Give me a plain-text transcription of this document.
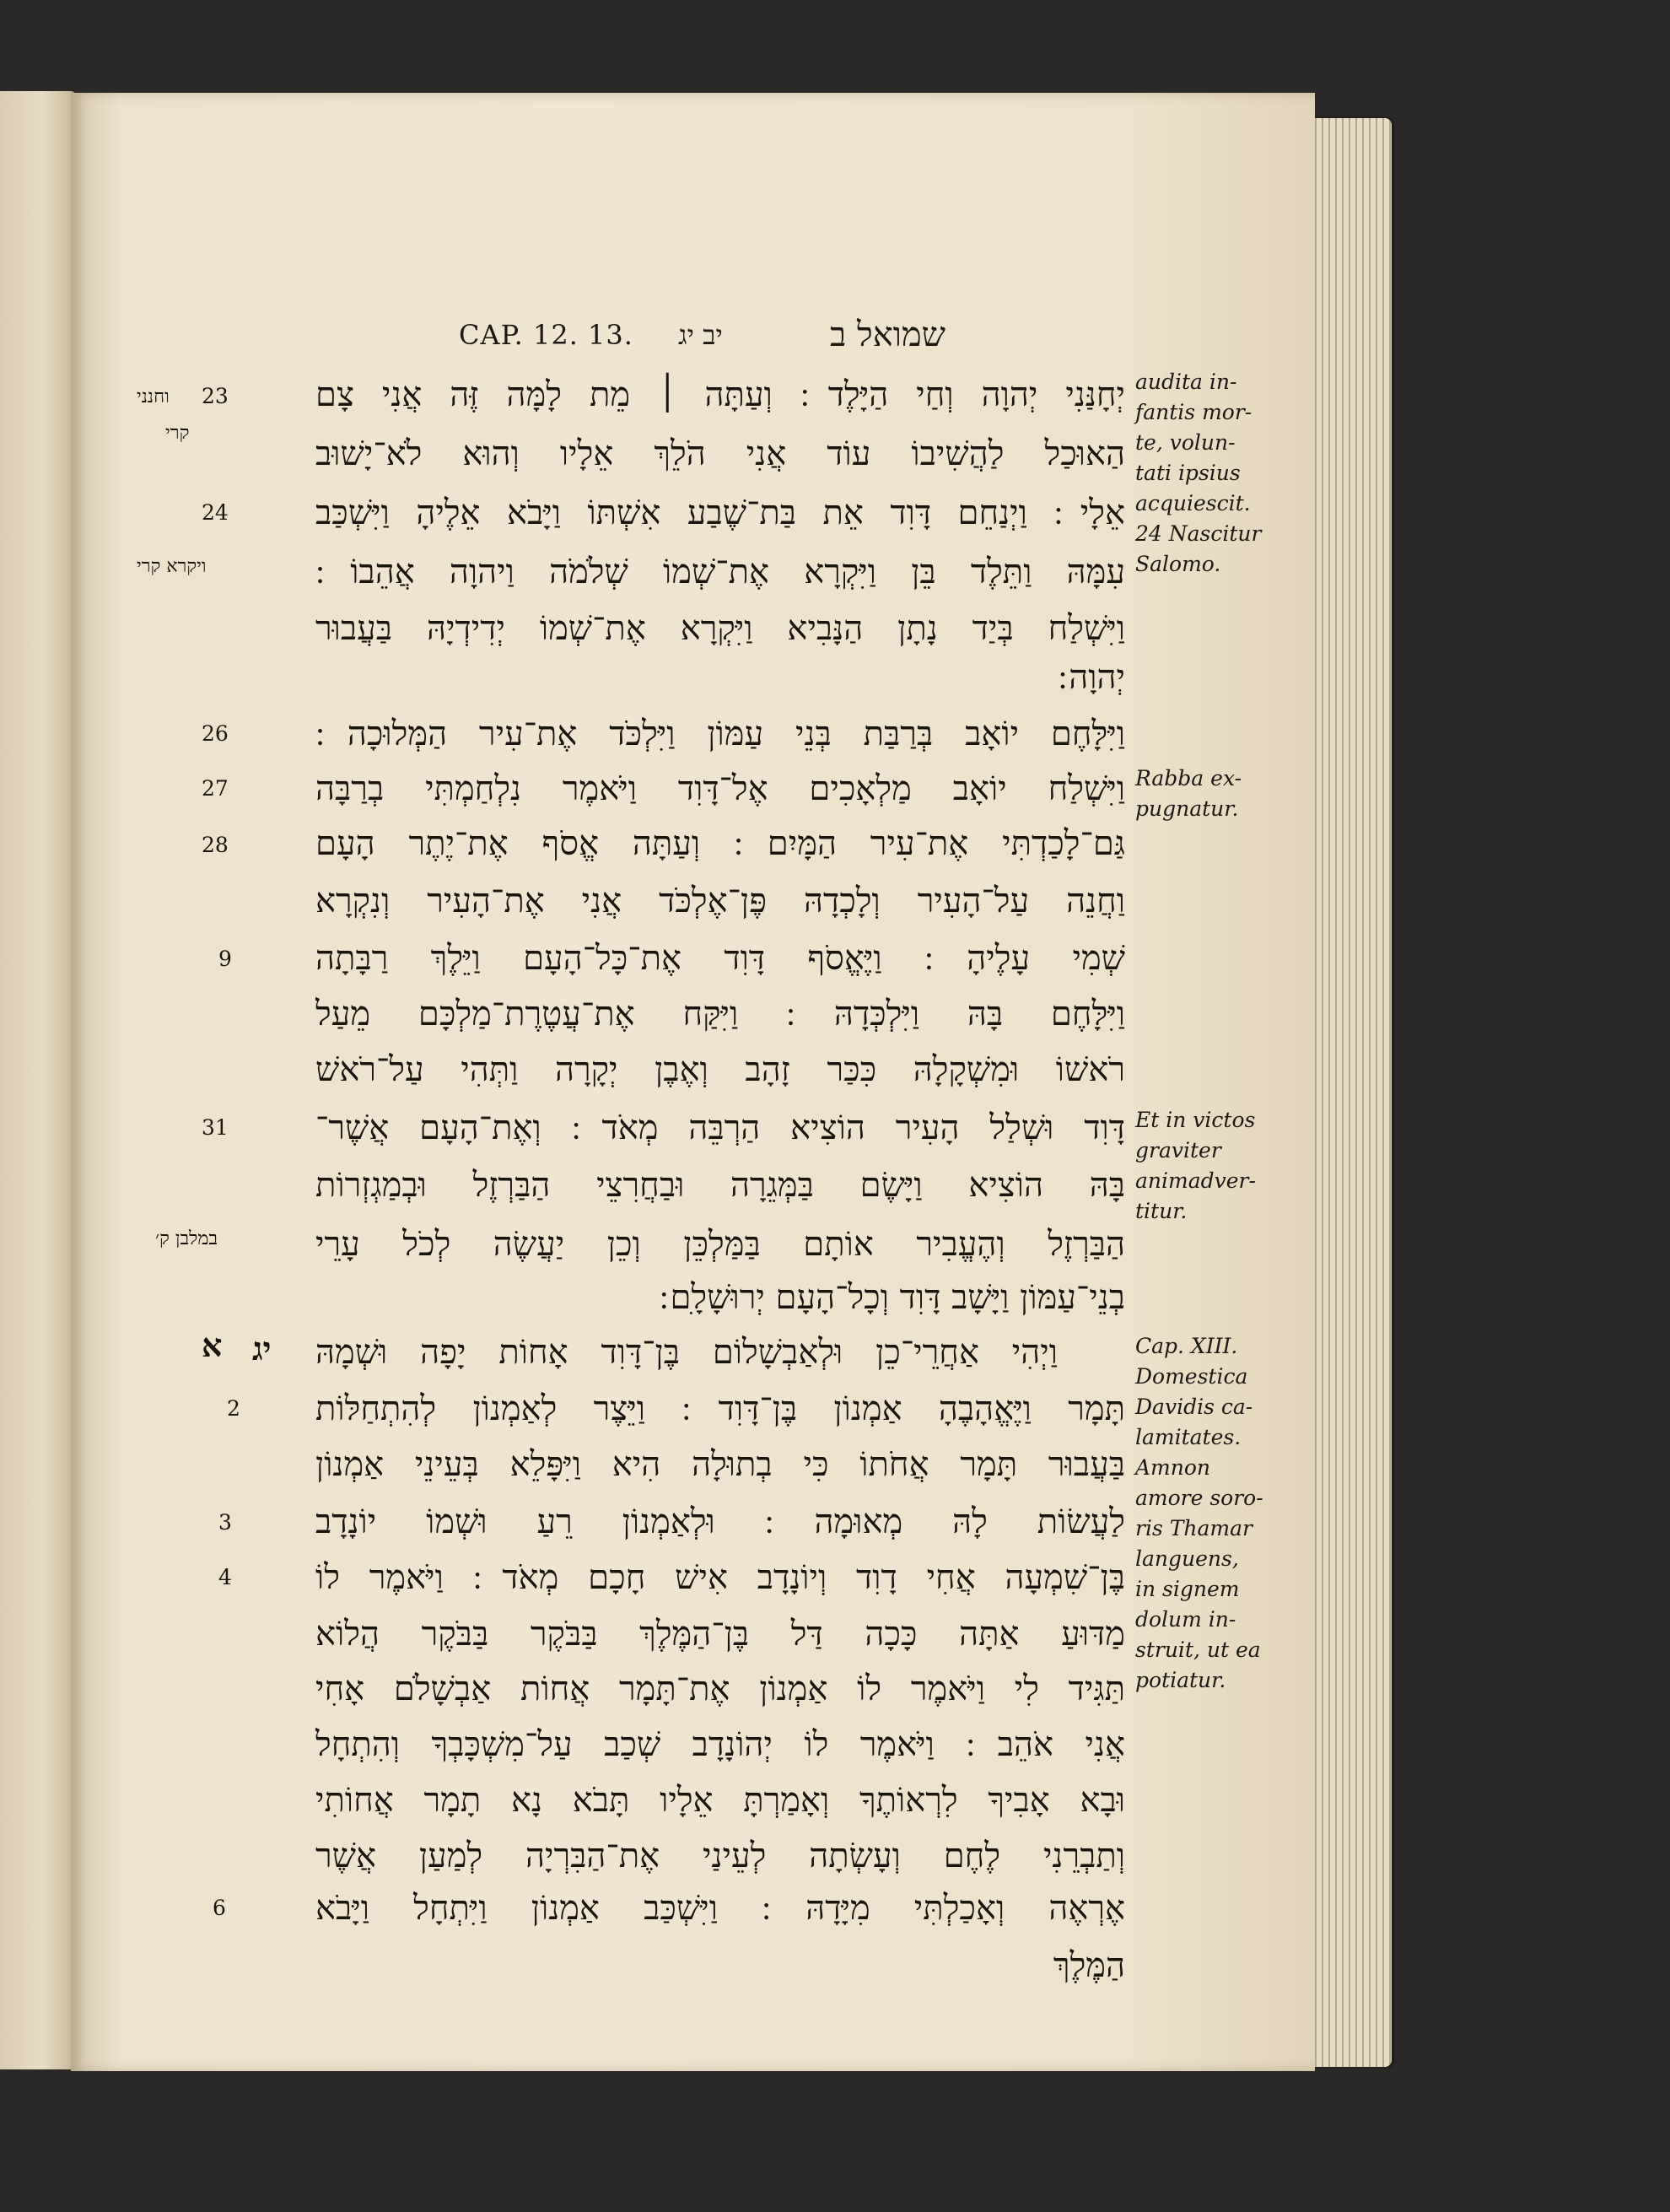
CAP. 12. 13. יב יג	שמואל ב
יְחָנַּנִי יְהוָה וְחַי הַיָּלֶד ׃ וְעַתָּה ׀ מֵת לָמָּה זֶּה אֲנִי צָם
הַאוּכַל לַהֲשִׁיבוֹ עוֹד אֲנִי הֹלֵךְ אֵלָיו וְהוּא לֹא־יָשׁוּב
אֵלָי ׃ וַיְנַחֵם דָּוִד אֵת בַּת־שֶׁבַע אִשְׁתּוֹ וַיָּבֹא אֵלֶיהָ וַיִּשְׁכַּב
עִמָּהּ וַתֵּלֶד בֵּן וַיִּקְרָא אֶת־שְׁמוֹ שְׁלֹמֹה וַיהוָה אֲהֵבוֹ ׃
וַיִּשְׁלַח בְּיַד נָתָן הַנָּבִיא וַיִּקְרָא אֶת־שְׁמוֹ יְדִידְיָהּ בַּעֲבוּר
יְהוָה ׃
וַיִּלָּחֶם יוֹאָב בְּרַבַּת בְּנֵי עַמּוֹן וַיִּלְכֹּד אֶת־עִיר הַמְּלוּכָה ׃
וַיִּשְׁלַח יוֹאָב מַלְאָכִים אֶל־דָּוִד וַיֹּאמֶר נִלְחַמְתִּי בְרַבָּה
גַּם־לָכַדְתִּי אֶת־עִיר הַמָּיִם ׃ וְעַתָּה אֱסֹף אֶת־יֶתֶר הָעָם
וַחֲנֵה עַל־הָעִיר וְלָכְדָהּ פֶּן־אֶלְכֹּד אֲנִי אֶת־הָעִיר וְנִקְרָא
שְׁמִי עָלֶיהָ ׃ וַיֶּאֱסֹף דָּוִד אֶת־כָּל־הָעָם וַיֵּלֶךְ רַבָּתָה
וַיִּלָּחֶם בָּהּ וַיִּלְכְּדָהּ ׃ וַיִּקַּח אֶת־עֲטֶרֶת־מַלְכָּם מֵעַל
רֹאשׁוֹ וּמִשְׁקָלָהּ כִּכַּר זָהָב וְאֶבֶן יְקָרָה וַתְּהִי עַל־רֹאשׁ
דָּוִד וּשְׁלַל הָעִיר הוֹצִיא הַרְבֵּה מְאֹד ׃ וְאֶת־הָעָם אֲשֶׁר־
בָּהּ הוֹצִיא וַיָּשֶׂם בַּמְּגֵרָה וּבַחֲרִצֵי הַבַּרְזֶל וּבְמַגְזְרוֹת
הַבַּרְזֶל וְהֶעֱבִיר אוֹתָם בַּמַּלְכֵּן וְכֵן יַעֲשֶׂה לְכֹל עָרֵי
בְנֵי־עַמּוֹן וַיָּשָׁב דָּוִד וְכָל־הָעָם יְרוּשָׁלָ‍ִם ׃
וַיְהִי אַחֲרֵי־כֵן וּלְאַבְשָׁלוֹם בֶּן־דָּוִד אָחוֹת יָפָה וּשְׁמָהּ
תָּמָר וַיֶּאֱהָבֶהָ אַמְנוֹן בֶּן־דָּוִד ׃ וַיֵּצֶר לְאַמְנוֹן לְהִתְחַלּוֹת
בַּעֲבוּר תָּמָר אֲחֹתוֹ כִּי בְתוּלָה הִיא וַיִּפָּלֵא בְּעֵינֵי אַמְנוֹן
לַעֲשׂוֹת לָהּ מְאוּמָה ׃ וּלְאַמְנוֹן רֵעַ וּשְׁמוֹ יוֹנָדָב
בֶּן־שִׁמְעָה אֲחִי דָוִד וְיוֹנָדָב אִישׁ חָכָם מְאֹד ׃ וַיֹּאמֶר לוֹ
מַדּוּעַ אַתָּה כָּכָה דַּל בֶּן־הַמֶּלֶךְ בַּבֹּקֶר בַּבֹּקֶר הֲלוֹא
תַּגִּיד לִי וַיֹּאמֶר לוֹ אַמְנוֹן אֶת־תָּמָר אֲחוֹת אַבְשָׁלֹם אָחִי
אֲנִי אֹהֵב ׃ וַיֹּאמֶר לוֹ יְהוֹנָדָב שְׁכַב עַל־מִשְׁכָּבְךָ וְהִתְחָל
וּבָא אָבִיךָ לִרְאוֹתֶךָ וְאָמַרְתָּ אֵלָיו תָּבֹא נָא תָמָר אֲחוֹתִי
וְתַבְרֵנִי לֶחֶם וְעָשְׂתָה לְעֵינַי אֶת־הַבִּרְיָה לְמַעַן אֲשֶׁר
אֶרְאֶה וְאָכַלְתִּי מִיָּדָהּ ׃ וַיִּשְׁכַּב אַמְנוֹן וַיִּתְחָל וַיָּבֹא
הַמֶּלֶךְ
23
24
26
27
28
9
31
2
3
4
6
וחנני
קרי
ויקרא קרי
במלבן ק׳
א יג
audita in-
fantis mor-
te, volun-
tati ipsius
acquiescit.
24 Nascitur
Salomo.
Rabba ex-
pugnatur.
Et in victos
graviter
animadver-
titur.
Cap. XIII.
Domestica
Davidis ca-
lamitates.
Amnon
amore soro-
ris Thamar
languens,
in signem
dolum in-
struit, ut ea
potiatur.
